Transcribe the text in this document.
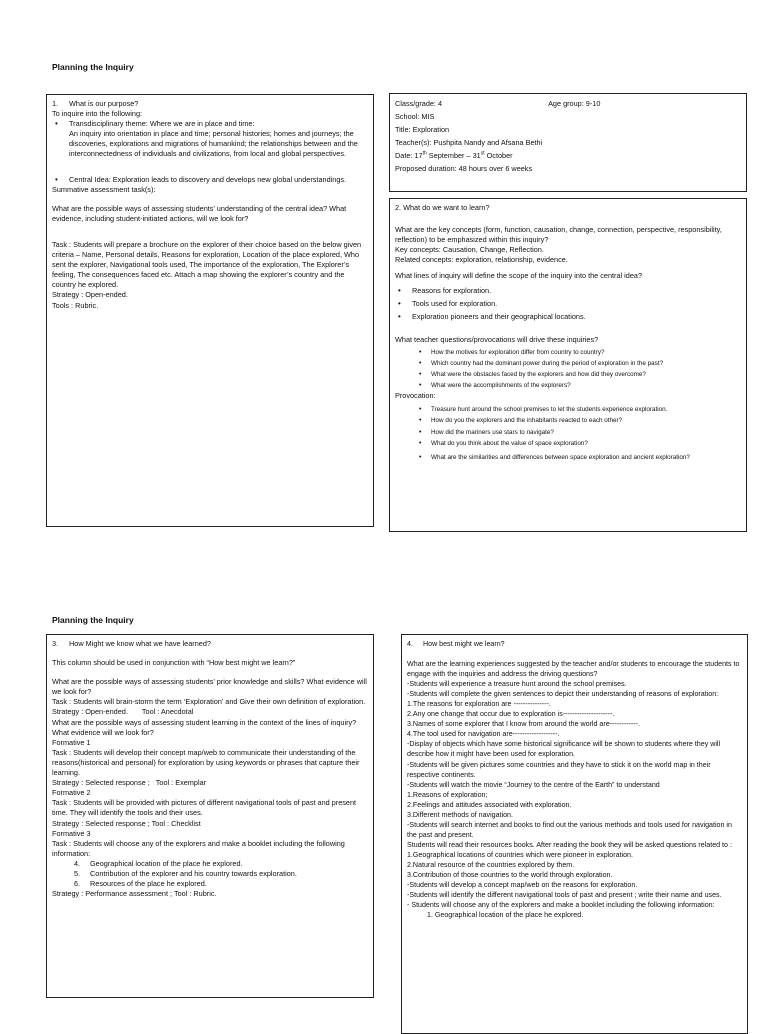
Planning the Inquiry

1. What is our purpose?

To inquire into the following:

• Transdisciplinary theme: Where we are in place and time:
An inquiry into orientation in place and time; personal histories; homes and journeys; the discoveries, explorations and migrations of humankind; the relationships between and the interconnectedness of individuals and civilizations, from local and global perspectives.

• Central Idea: Exploration leads to discovery and develops new global understandings.

Summative assessment task(s):

What are the possible ways of assessing students’ understanding of the central idea? What evidence, including student-initiated actions, will we look for?

Task : Students will prepare a brochure on the explorer of their choice based on the below given criteria – Name, Personal details, Reasons for exploration, Location of the place explored, Who sent the explorer, Navigational tools used, The importance of the exploration, The Explorer’s feeling, The consequences faced etc. Attach a map showing the explorer’s country and the country he explored.

Strategy : Open-ended.

Tools : Rubric.

Class/grade: 4	Age group: 9-10

School: MIS

Title: Exploration

Teacher(s): Pushpita Nandy and Afsana Bethi

Date: 17th September – 31st October

Proposed duration: 48 hours over 6 weeks

2. What do we want to learn?

What are the key concepts (form, function, causation, change, connection, perspective, responsibility, reflection) to be emphasized within this inquiry?

Key concepts: Causation, Change, Reflection.

Related concepts: exploration, relationship, evidence.

What lines of inquiry will define the scope of the inquiry into the central idea?

• Reasons for exploration.

• Tools used for exploration.

• Exploration pioneers and their geographical locations.

What teacher questions/provocations will drive these inquiries?

• How the motives for exploration differ from country to country?

• Which country had the dominant power during the period of exploration in the past?

• What were the obstacles faced by the explorers and how did they overcome?

• What were the accomplishments of the explorers?

Provocation:

• Treasure hunt around the school premises to let the students experience exploration.

• How do you the explorers and the inhabitants reacted to each other?

• How did the mariners use stars to navigate?

• What do you think about the value of space exploration?

• What are the similarities and differences between space exploration and ancient exploration?

Planning the Inquiry

3. How Might we know what we have learned?

This column should be used in conjunction with “How best might we learn?”

What are the possible ways of assessing students’ prior knowledge and skills? What evidence will we look for?

Task : Students will brain-storm the term ‘Exploration’ and Give their own definition of exploration.

Strategy : Open-ended. Tool : Anecdotal

What are the possible ways of assessing student learning in the context of the lines of inquiry? What evidence will we look for?

Formative 1

Task : Students will develop their concept map/web to communicate their understanding of the reasons(historical and personal) for exploration by using keywords or phrases that capture their learning.

Strategy : Selected response ; Tool : Exemplar

Formative 2

Task : Students will be provided with pictures of different navigational tools of past and present time. They will identify the tools and their uses.

Strategy : Selected response ; Tool : Checklist

Formative 3

Task : Students will choose any of the explorers and make a booklet including the following information:

4. Geographical location of the place he explored.

5. Contribution of the explorer and his country towards exploration.

6. Resources of the place he explored.

Strategy : Performance assessment ; Tool : Rubric.

4. How best might we learn?

What are the learning experiences suggested by the teacher and/or students to encourage the students to engage with the inquiries and address the driving questions?

-Students will experience a treasure hunt around the school premises.

-Students will complete the given sentences to depict their understanding of reasons of exploration:

1.The reasons for exploration are ---------------.

2.Any one change that occur due to exploration is---------------------.

3.Names of some explorer that I know from around the world are------------.

4.The tool used for navigation are-------------------.

-Display of objects which have some historical significance will be shown to students where they will describe how it might have been used for exploration.

-Students will be given pictures some countries and they have to stick it on the world map in their respective continents.

-Students will watch the movie “Journey to the centre of the Earth” to understand

1.Reasons of exploration;

2.Feelings and attitudes associated with exploration.

3.Different methods of navigation.

-Students will search internet and books to find out the various methods and tools used for navigation in the past and present.

Students will read their resources books. After reading the book they will be asked questions related to :

1.Geographical locations of countries which were pioneer in exploration.

2.Natural resource of the countries explored by them.

3.Contribution of those countries to the world through exploration.

-Students will develop a concept map/web on the reasons for exploration.

-Students will identify the different navigational tools of past and present ; write their name and uses.

- Students will choose any of the explorers and make a booklet including the following information:

1. Geographical location of the place he explored.
